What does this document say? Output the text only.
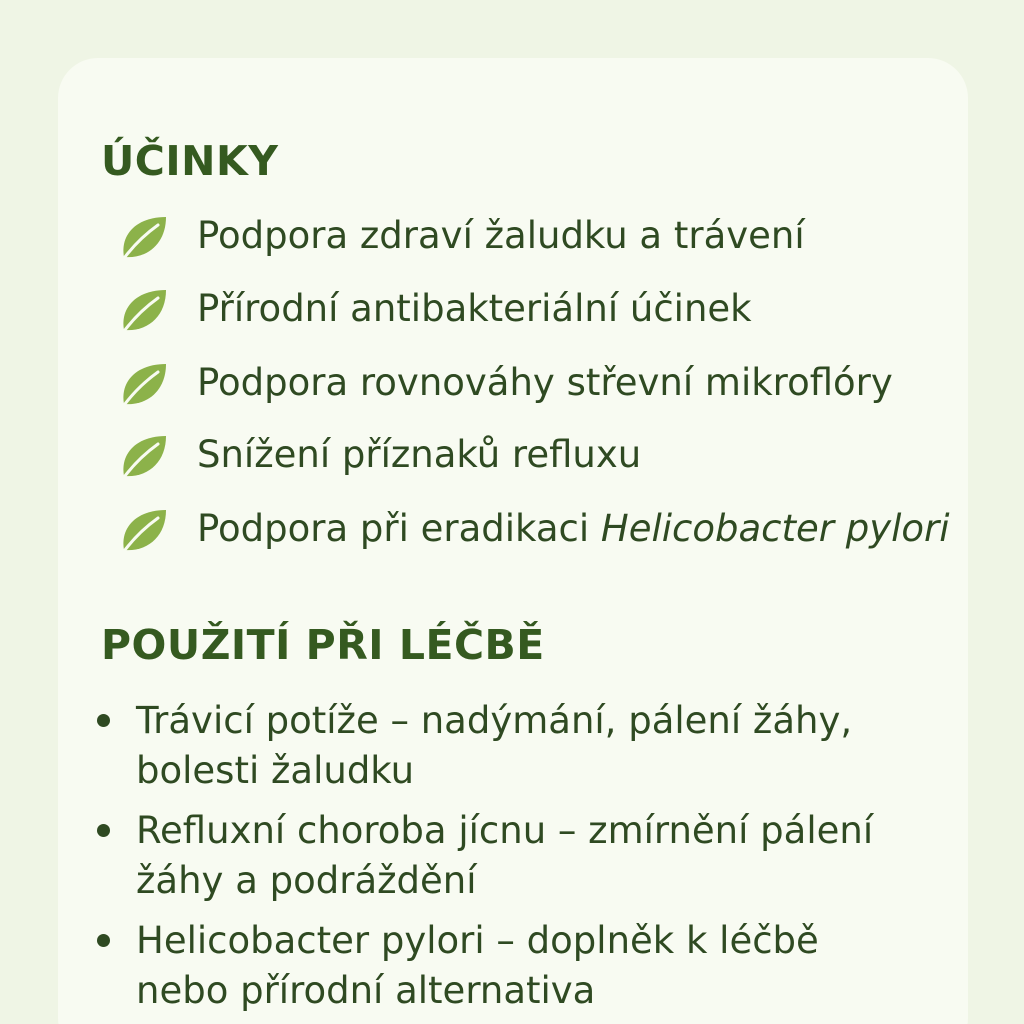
ÚČINKY
Podpora zdraví žaludku a trávení
Přírodní antibakteriální účinek
Podpora rovnováhy střevní mikroflóry
Snížení příznaků refluxu
Podpora při eradikaci Helicobacter pylori
POUŽITÍ PŘI LÉČBĚ
Trávicí potíže – nadýmání, pálení žáhy,
bolesti žaludku
Refluxní choroba jícnu – zmírnění pálení
žáhy a podráždění
Helicobacter pylori – doplněk k léčbě
nebo přírodní alternativa
